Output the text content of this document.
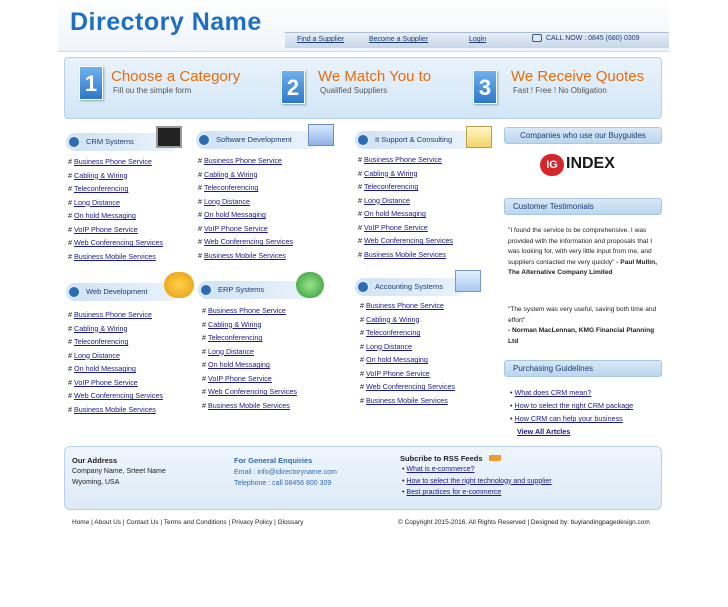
Directory Name
Find a Supplier	Become a Supplier	Login	CALL NOW : 0845 (680) 0309
1 Choose a Category
Fill ou the simple form	2	We Match You to
Qualified Suppliers	3	We Receive Quotes
Fast ! Free ! No Obligation
CRM Systems
# Business Phone Service
# Cabling & Wiring
# Teleconferencing
# Long Distance
# On hold Messaging
# VoIP Phone Service
# Web Conferencing Services
# Business Mobile Services
Software Development
# Business Phone Service
# Cabling & Wiring
# Teleconferencing
# Long Distance
# On hold Messaging
# VoIP Phone Service
# Web Conferencing Services
# Business Mobile Services
It Support & Consulting
# Business Phone Service
# Cabling & Wiring
# Teleconferencing
# Long Distance
# On hold Messaging
# VoIP Phone Service
# Web Conferencing Services
# Business Mobile Services
Web Development
# Business Phone Service
# Cabling & Wiring
# Teleconferencing
# Long Distance
# On hold Messaging
# VoIP Phone Service
# Web Conferencing Services
# Business Mobile Services
ERP Systems
# Business Phone Service
# Cabling & Wiring
# Teleconferencing
# Long Distance
# On hold Messaging
# VoIP Phone Service
# Web Conferencing Services
# Business Mobile Services
Accounting Systems
# Business Phone Service
# Cabling & Wiring
# Teleconferencing
# Long Distance
# On hold Messaging
# VoIP Phone Service
# Web Conferencing Services
# Business Mobile Services
Companies who use our Buyguides
IG INDEX
Customer Testimonials
"I found the service to be comprehensive. I was provided with the information and proposals that I was looking for, with very little input from me, and suppliers contacted me very quickly" - Paul Mullin, The Alternative Company Limited
"The system was very useful, saving both time and effort"
- Norman MacLennan, KMG Financial Planning Ltd
Purchasing Guidelines
• What does CRM mean?
• How to select the right CRM package
• How CRM can help your business
View All Artcles
Our Address
Company Name, Srteet Name
Wyoming, USA
For General Enquiries
Email : info@idirectoryname.com
Telephone : call 08456 800 309
Subcribe to RSS Feeds
• What is e-commerce?
• How to select the right technology and supplier
• Best practices for e-commerce
Home | About Us | Contact Us | Terms and Conditions | Privacy Policy | Glossary	© Copyright 2015-2016. All Rights Reserved | Designed by: buylandingpagedesign.com
